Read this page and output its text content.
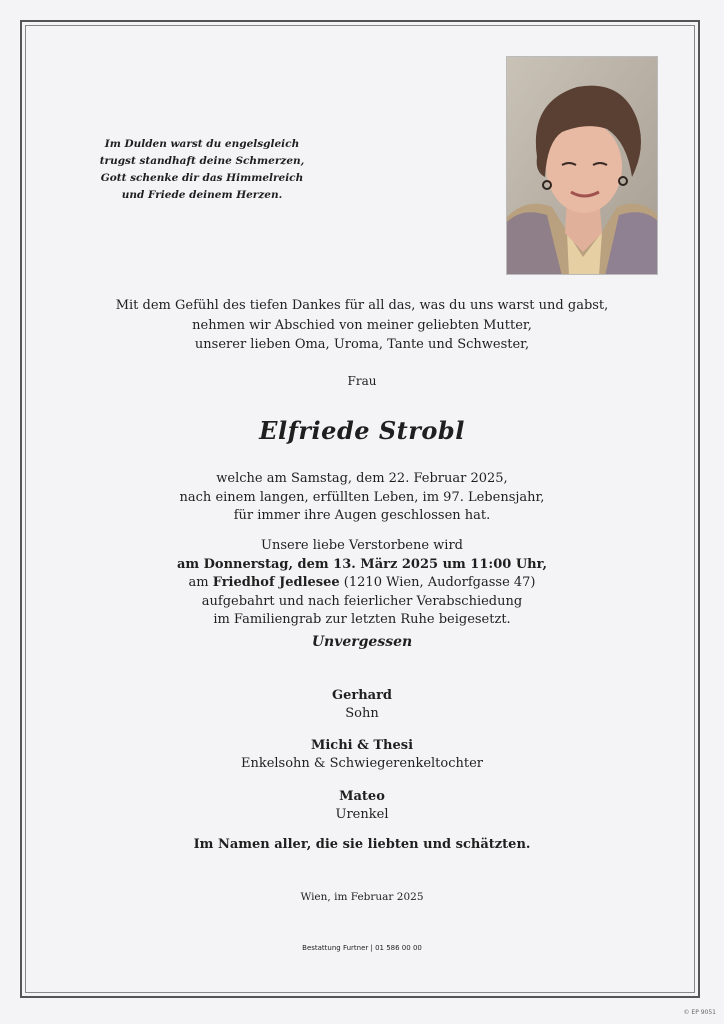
Im Dulden warst du engelsgleich
trugst standhaft deine Schmerzen,
Gott schenke dir das Himmelreich
und Friede deinem Herzen.
Mit dem Gefühl des tiefen Dankes für all das, was du uns warst und gabst,
nehmen wir Abschied von meiner geliebten Mutter,
unserer lieben Oma, Uroma, Tante und Schwester,
Frau
Elfriede Strobl
welche am Samstag, dem 22. Februar 2025,
nach einem langen, erfüllten Leben, im 97. Lebensjahr,
für immer ihre Augen geschlossen hat.
Unsere liebe Verstorbene wird
am Donnerstag, dem 13. März 2025 um 11:00 Uhr,
am Friedhof Jedlesee (1210 Wien, Audorfgasse 47)
aufgebahrt und nach feierlicher Verabschiedung
im Familiengrab zur letzten Ruhe beigesetzt.
Unvergessen
Gerhard
Sohn
Michi & Thesi
Enkelsohn & Schwiegerenkeltochter
Mateo
Urenkel
Im Namen aller, die sie liebten und schätzten.
Wien, im Februar 2025
Bestattung Furtner | 01 586 00 00
© EP 9051
